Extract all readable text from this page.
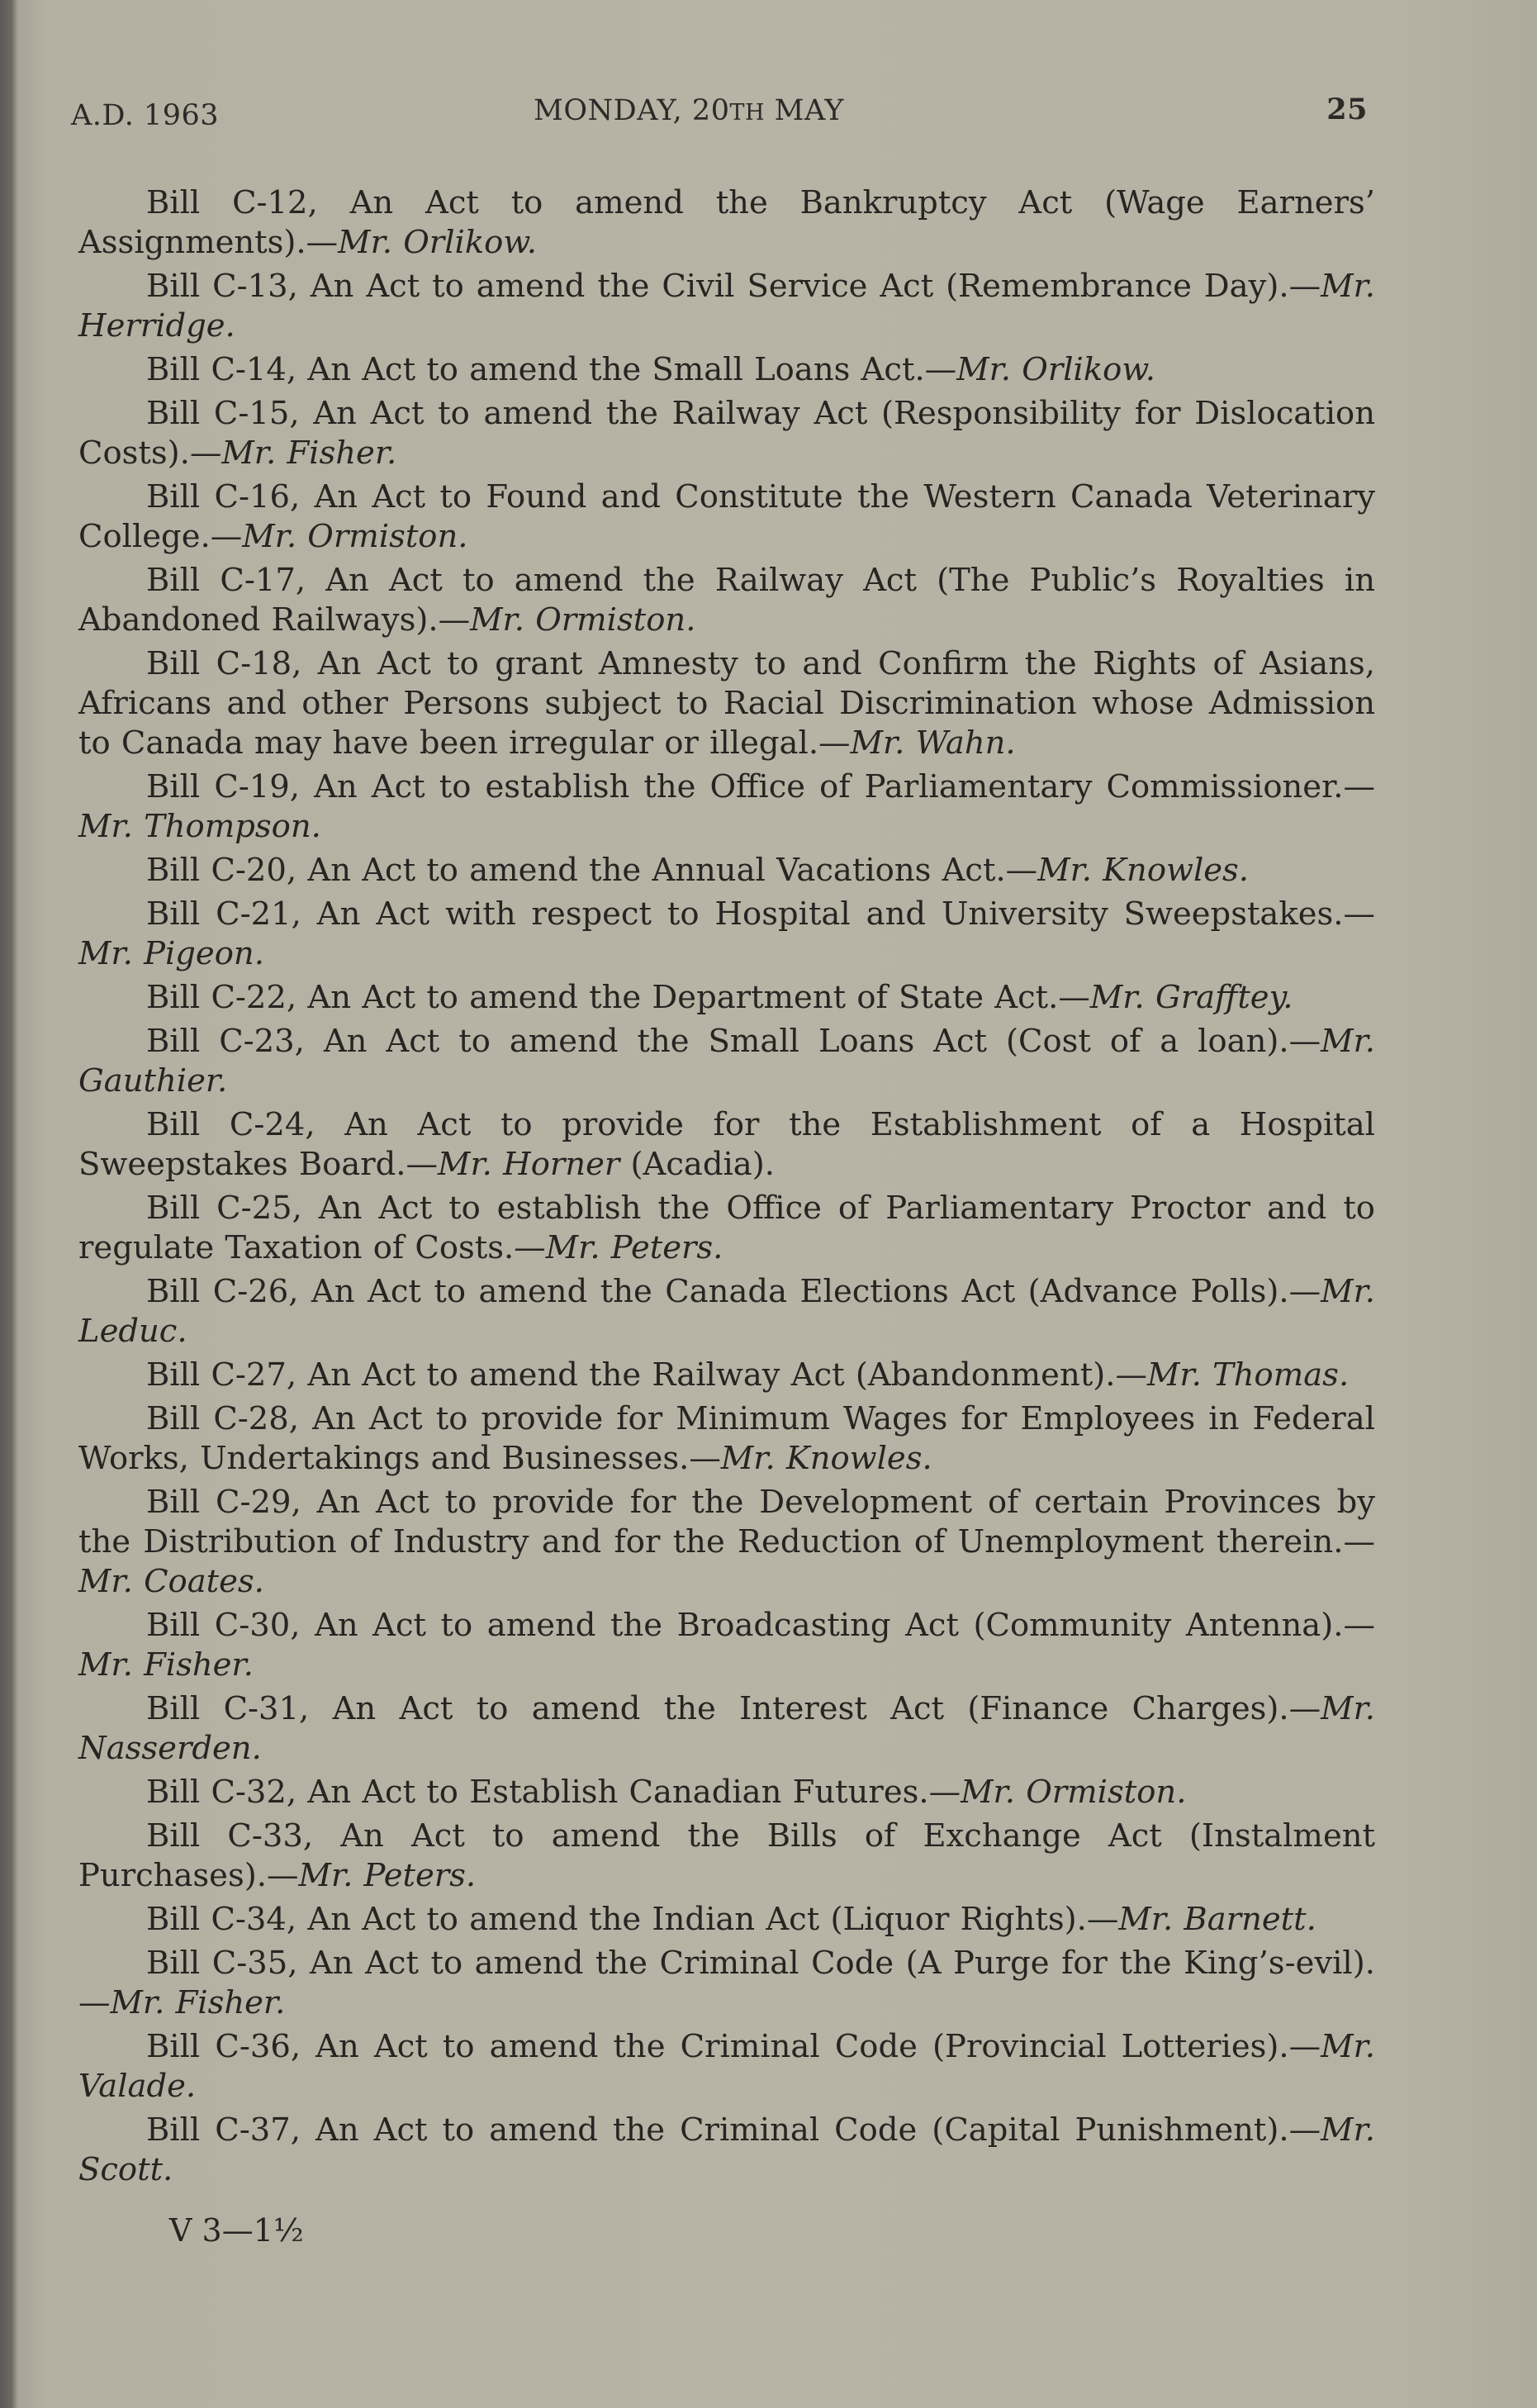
A.D. 1963	MONDAY, 20TH MAY	25

Bill C-12, An Act to amend the Bankruptcy Act (Wage Earners’ Assignments).—Mr. Orlikow.

Bill C-13, An Act to amend the Civil Service Act (Remembrance Day).—Mr. Herridge.

Bill C-14, An Act to amend the Small Loans Act.—Mr. Orlikow.

Bill C-15, An Act to amend the Railway Act (Responsibility for Dislocation Costs).—Mr. Fisher.

Bill C-16, An Act to Found and Constitute the Western Canada Veterinary College.—Mr. Ormiston.

Bill C-17, An Act to amend the Railway Act (The Public’s Royalties in Abandoned Railways).—Mr. Ormiston.

Bill C-18, An Act to grant Amnesty to and Confirm the Rights of Asians, Africans and other Persons subject to Racial Discrimination whose Admission to Canada may have been irregular or illegal.—Mr. Wahn.

Bill C-19, An Act to establish the Office of Parliamentary Commissioner.—Mr. Thompson.

Bill C-20, An Act to amend the Annual Vacations Act.—Mr. Knowles.

Bill C-21, An Act with respect to Hospital and University Sweepstakes.—Mr. Pigeon.

Bill C-22, An Act to amend the Department of State Act.—Mr. Grafftey.

Bill C-23, An Act to amend the Small Loans Act (Cost of a loan).—Mr. Gauthier.

Bill C-24, An Act to provide for the Establishment of a Hospital Sweepstakes Board.—Mr. Horner (Acadia).

Bill C-25, An Act to establish the Office of Parliamentary Proctor and to regulate Taxation of Costs.—Mr. Peters.

Bill C-26, An Act to amend the Canada Elections Act (Advance Polls).—Mr. Leduc.

Bill C-27, An Act to amend the Railway Act (Abandonment).—Mr. Thomas.

Bill C-28, An Act to provide for Minimum Wages for Employees in Federal Works, Undertakings and Businesses.—Mr. Knowles.

Bill C-29, An Act to provide for the Development of certain Provinces by the Distribution of Industry and for the Reduction of Unemployment therein.—Mr. Coates.

Bill C-30, An Act to amend the Broadcasting Act (Community Antenna).—Mr. Fisher.

Bill C-31, An Act to amend the Interest Act (Finance Charges).—Mr. Nasserden.

Bill C-32, An Act to Establish Canadian Futures.—Mr. Ormiston.

Bill C-33, An Act to amend the Bills of Exchange Act (Instalment Purchases).—Mr. Peters.

Bill C-34, An Act to amend the Indian Act (Liquor Rights).—Mr. Barnett.

Bill C-35, An Act to amend the Criminal Code (A Purge for the King’s-evil).—Mr. Fisher.

Bill C-36, An Act to amend the Criminal Code (Provincial Lotteries).—Mr. Valade.

Bill C-37, An Act to amend the Criminal Code (Capital Punishment).—Mr. Scott.

V 3—1½
